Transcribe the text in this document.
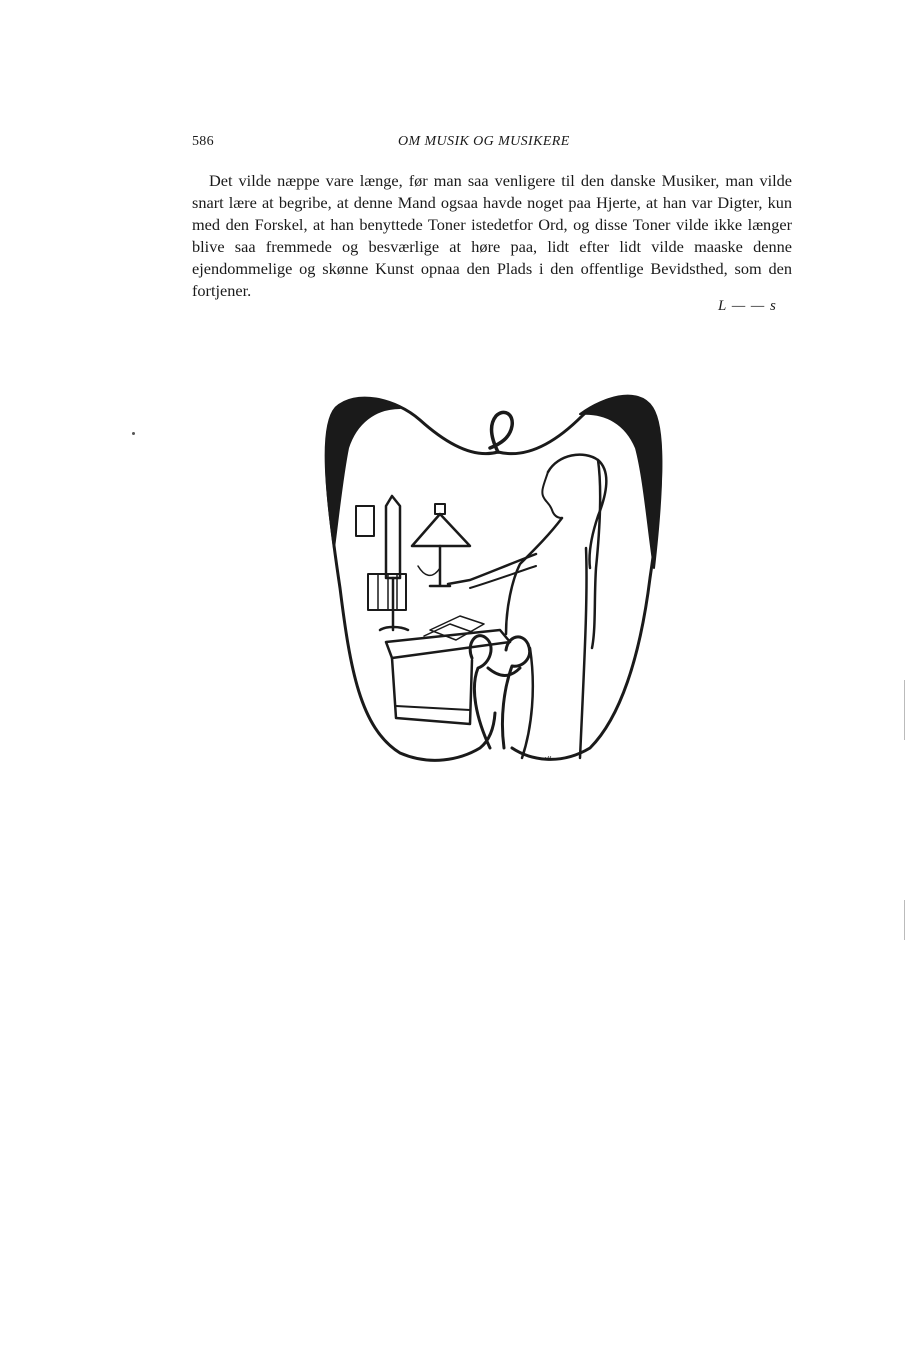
586	OM MUSIK OG MUSIKERE

Det vilde næppe vare længe, før man saa venligere til den danske Musiker, man vilde snart lære at begribe, at denne Mand ogsaa havde noget paa Hjerte, at han var Digter, kun med den Forskel, at han benyttede Toner istedetfor Ord, og disse Toner vilde ikke længer blive saa fremmede og besværlige at høre paa, lidt efter lidt vilde maaske denne ejendommelige og skønne Kunst opnaa den Plads i den offentlige Bevidsthed, som den fortjener.

L — — s
ᵛᴴ
